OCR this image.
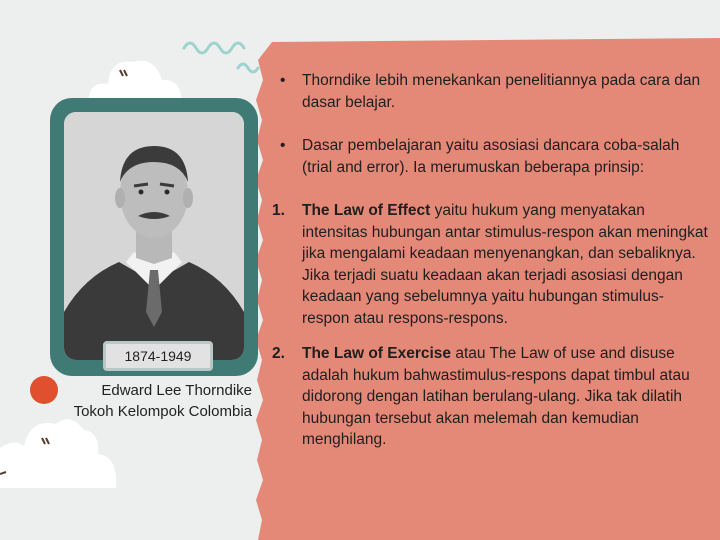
1874-1949
Edward Lee Thorndike
Tokoh Kelompok Colombia
• Thorndike lebih menekankan penelitiannya pada cara dan dasar belajar.
• Dasar pembelajaran yaitu asosiasi dancara coba-salah (trial and error). Ia merumuskan beberapa prinsip:
1. The Law of Effect yaitu hukum yang menyatakan intensitas hubungan antar stimulus-respon akan meningkat jika mengalami keadaan menyenangkan, dan sebaliknya. Jika terjadi suatu keadaan akan terjadi asosiasi dengan keadaan yang sebelumnya yaitu hubungan stimulus-respon atau respons-respons.
2. The Law of Exercise atau The Law of use and disuse adalah hukum bahwastimulus-respons dapat timbul atau didorong dengan latihan berulang-ulang. Jika tak dilatih hubungan tersebut akan melemah dan kemudian menghilang.
